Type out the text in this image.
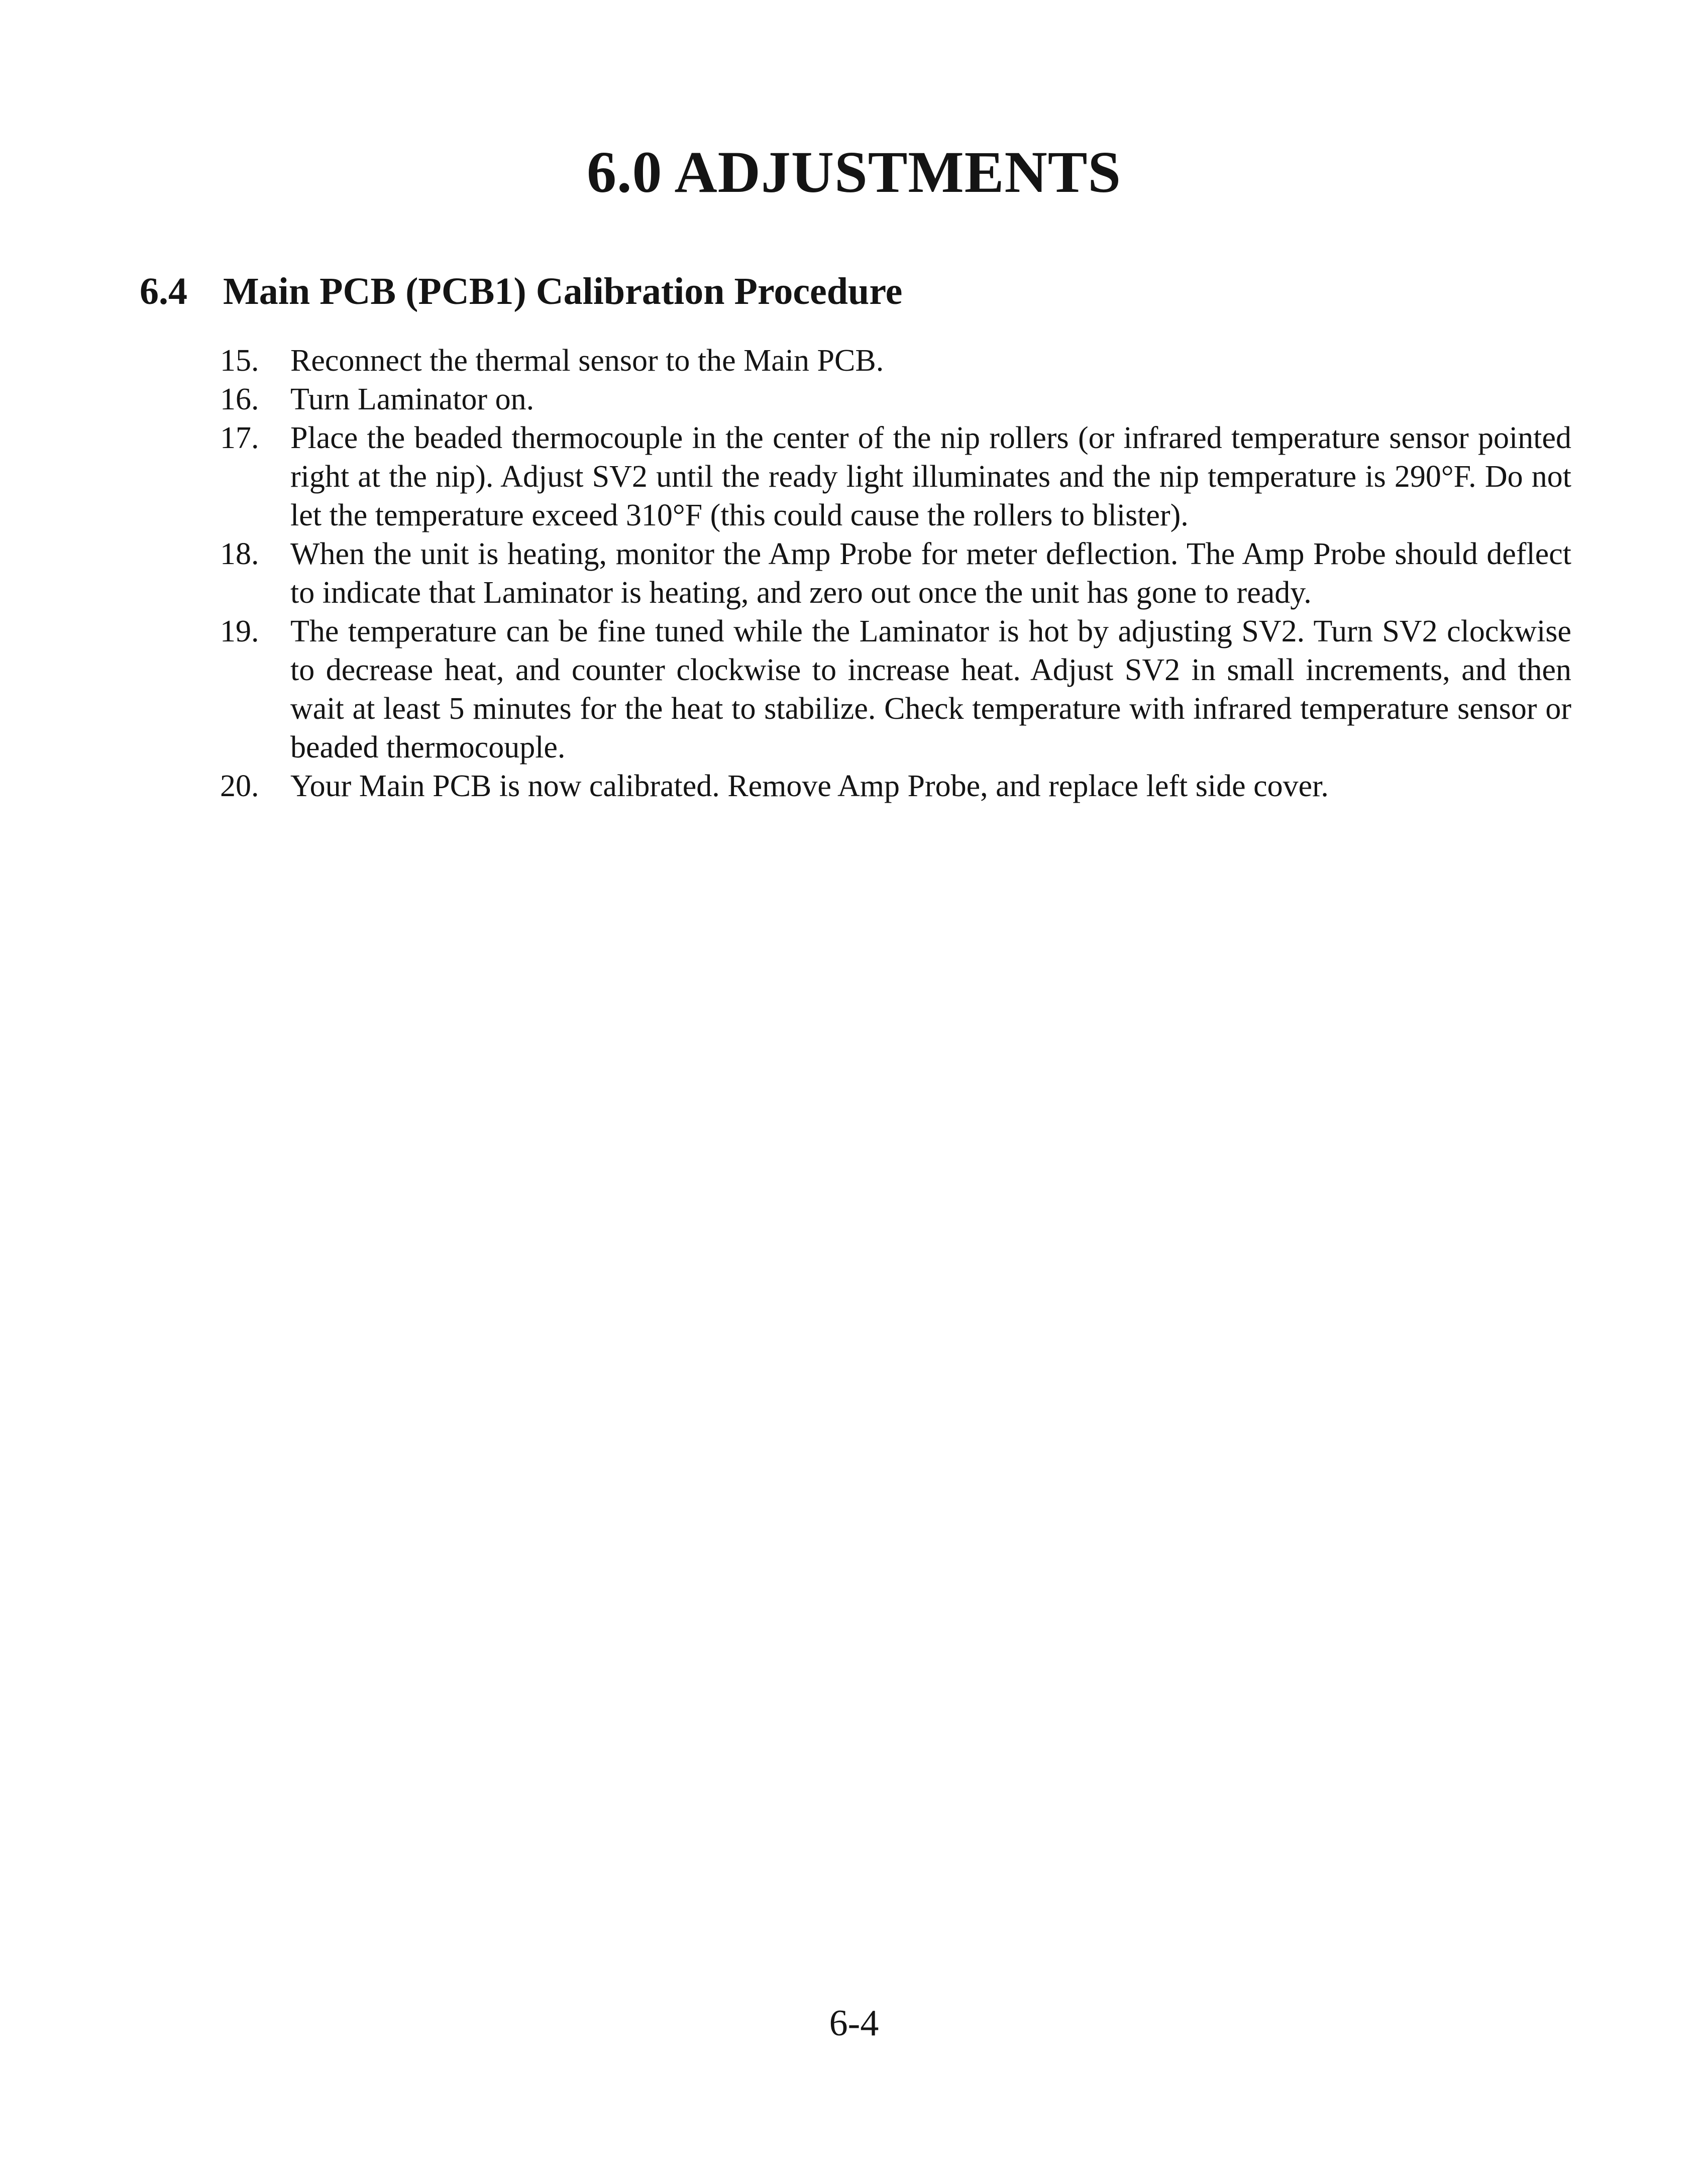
6.0 ADJUSTMENTS
6.4 Main PCB (PCB1) Calibration Procedure
15.	Reconnect the thermal sensor to the Main PCB.
16.	Turn Laminator on.
17.	Place the beaded thermocouple in the center of the nip rollers (or infrared temperature sensor pointed right at the nip). Adjust SV2 until the ready light illuminates and the nip temperature is 290°F. Do not let the temperature exceed 310°F (this could cause the rollers to blister).
18.	When the unit is heating, monitor the Amp Probe for meter deflection. The Amp Probe should deflect to indicate that Laminator is heating, and zero out once the unit has gone to ready.
19.	The temperature can be fine tuned while the Laminator is hot by adjusting SV2. Turn SV2 clockwise to decrease heat, and counter clockwise to increase heat. Adjust SV2 in small increments, and then wait at least 5 minutes for the heat to stabilize. Check temperature with infrared temperature sensor or beaded thermocouple.
20.	Your Main PCB is now calibrated. Remove Amp Probe, and replace left side cover.
6-4
